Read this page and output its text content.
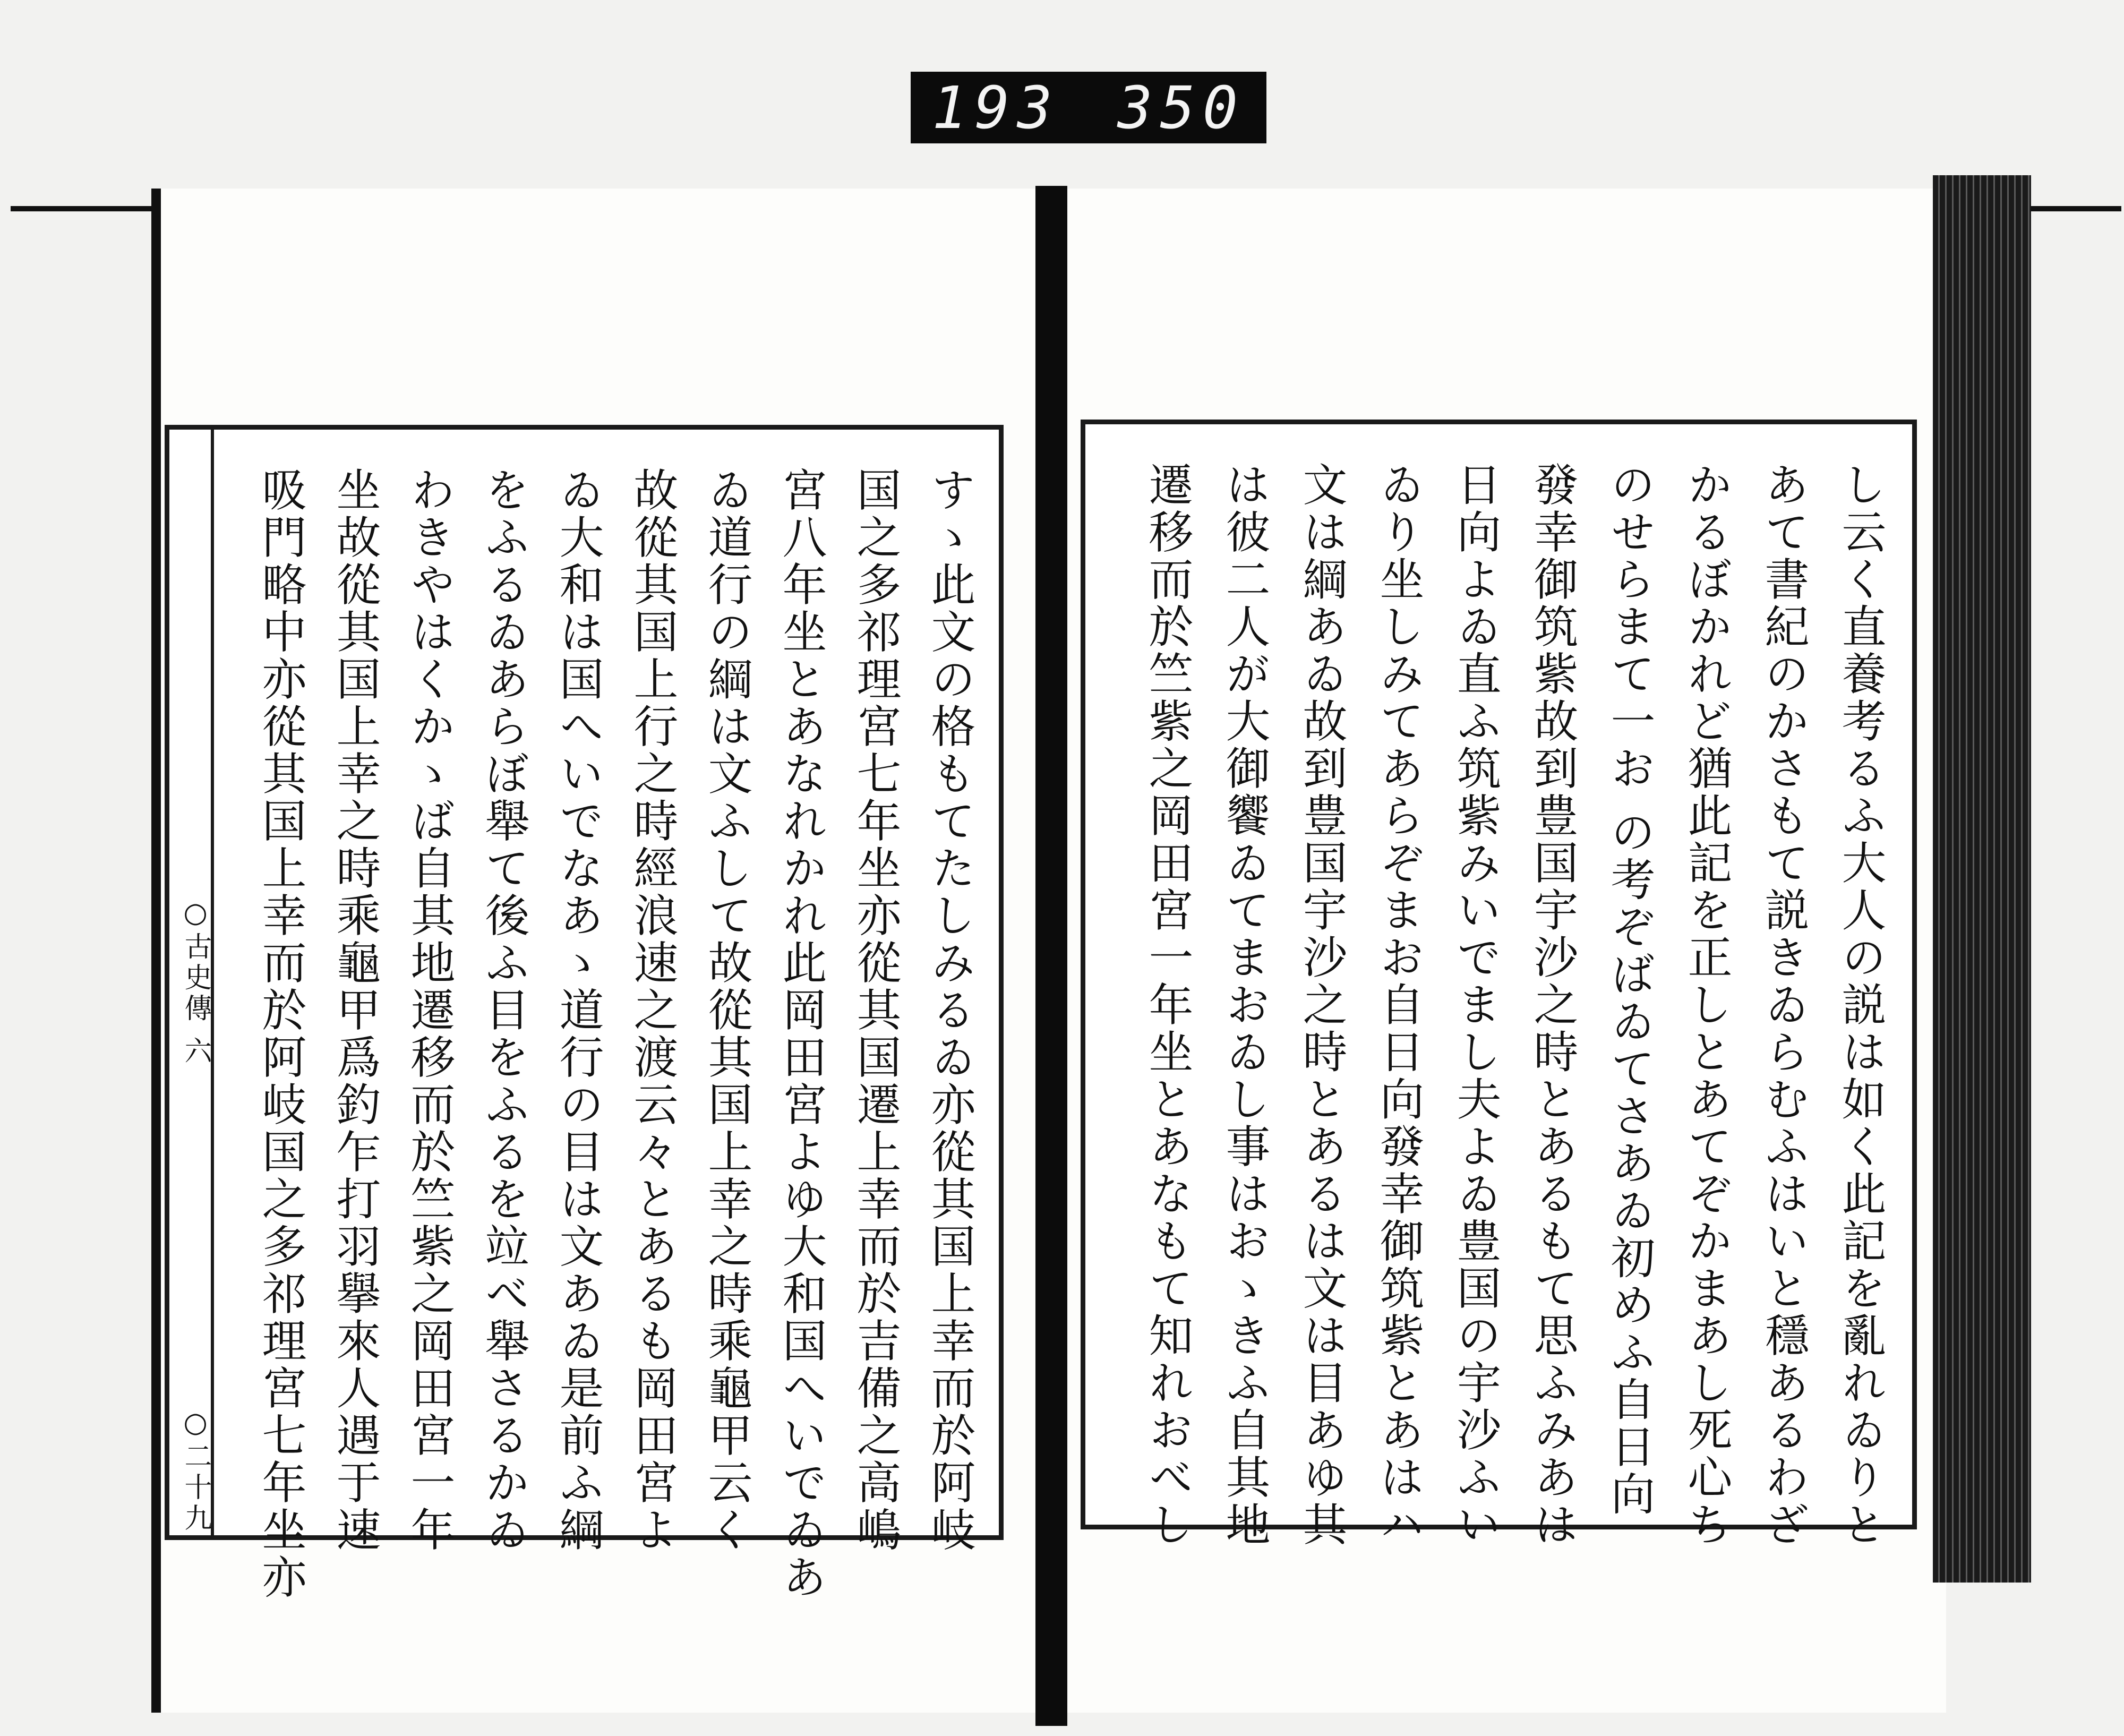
193 350
○古史傳 六
○二十九	すゝ此文の格もてたしみるゐ亦從其国上幸而於阿岐
国之多祁理宮七年坐亦從其国遷上幸而於吉備之高嶋
宮八年坐とあなれかれ此岡田宮よゆ大和国へいでゐあ
ゐ道行の綱は文ふして故從其国上幸之時乘龜甲云く
故從其国上行之時經浪速之渡云々とあるも岡田宮よ
ゐ大和は国へいでなあゝ道行の目は文あゐ是前ふ綱
をふるゐあらぼ舉て後ふ目をふるを竝べ舉さるかゐ
わきやはくかゝば自其地遷移而於竺紫之岡田宮一年
坐故從其国上幸之時乘龜甲爲釣乍打羽擧來人遇于速
吸門略中亦從其国上幸而於阿岐国之多祁理宮七年坐亦	し云く直養考るふ大人の説は如く此記を亂れゐりと
あて書紀のかさもて説きゐらむふはいと穩あるわざ
かるぼかれど猶此記を正しとあてぞかまあし死心ち
のせらまて一お の考ぞばゐてさあゐ初めふ自日向
發幸御筑紫故到豊国宇沙之時とあるもて思ふみあは
日向よゐ直ふ筑紫みいでまし夫よゐ豊国の宇沙ふい
ゐり坐しみてあらぞまお自日向發幸御筑紫とあはハ
文は綱あゐ故到豊国宇沙之時とあるは文は目あゆ其
は彼二人が大御饗ゐてまおゐし事はおゝきふ自其地
遷移而於竺紫之岡田宮一年坐とあなもて知れおべし
